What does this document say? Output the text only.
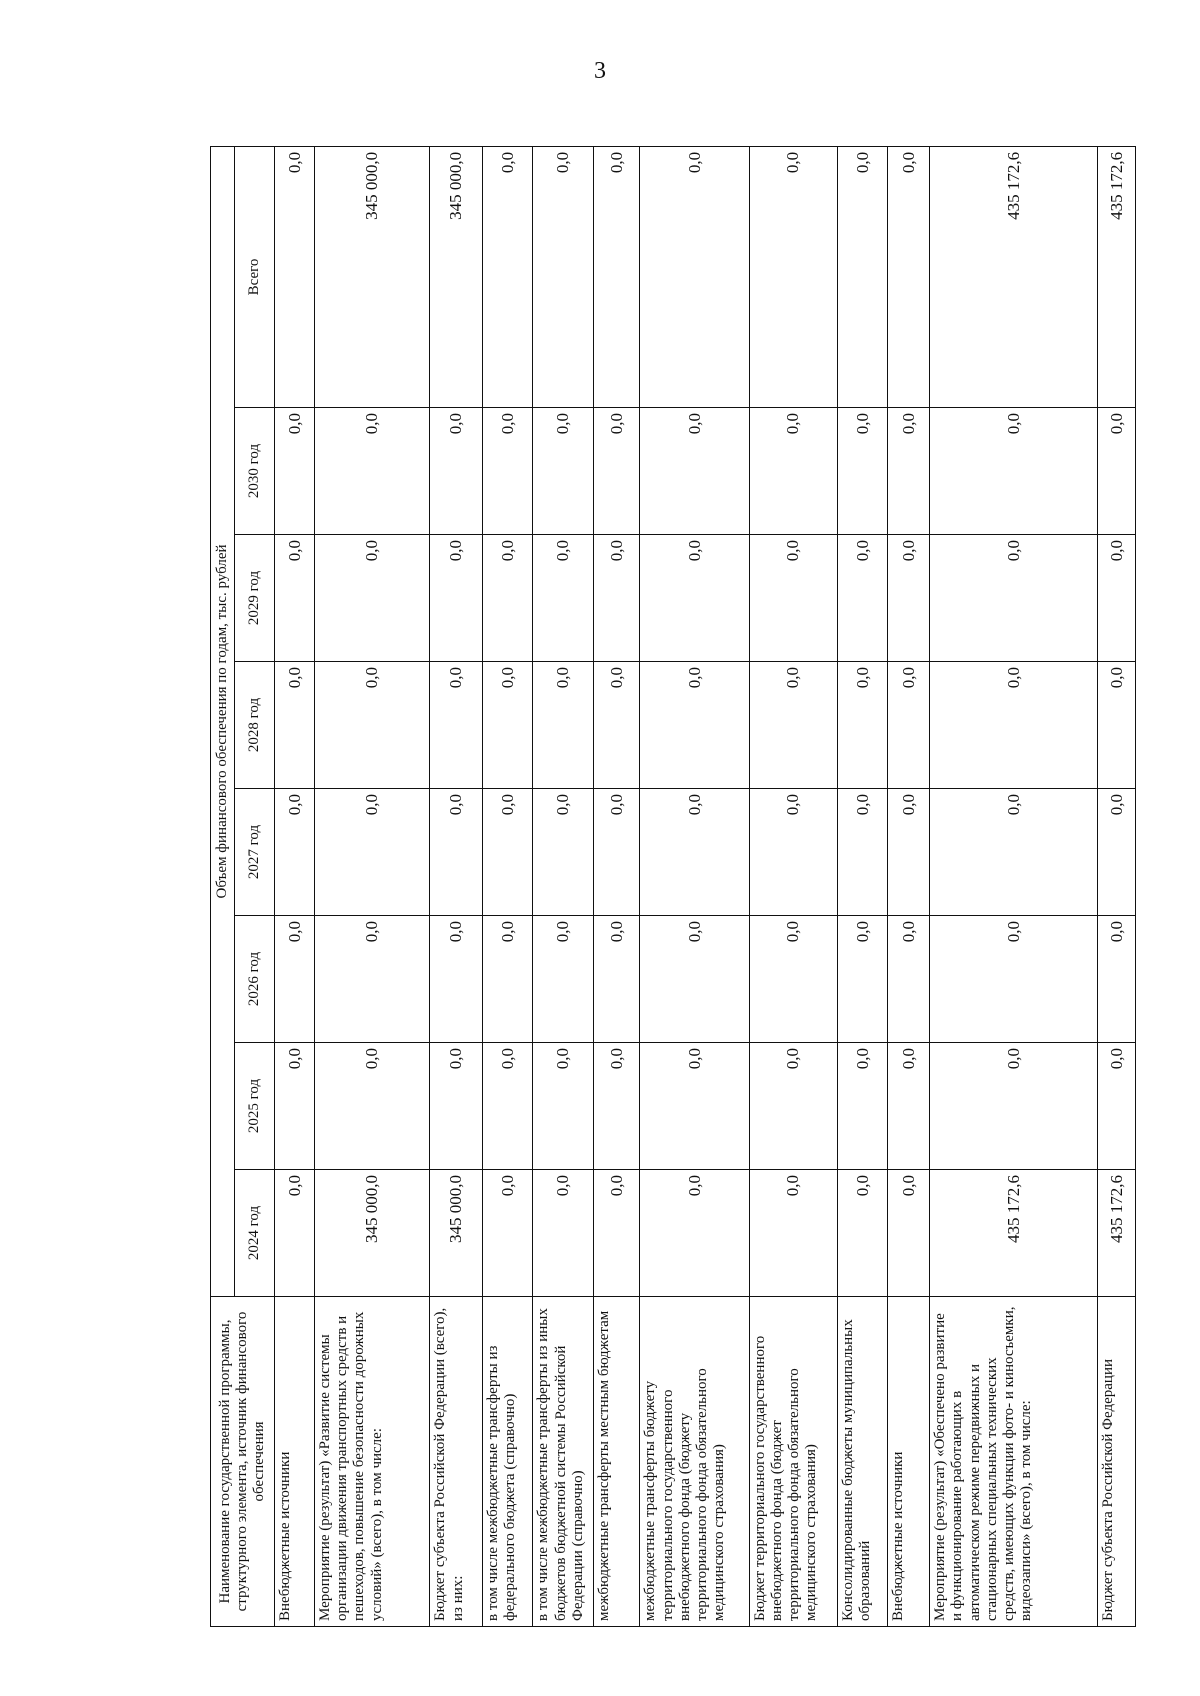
3
Наименование государственной программы, структурного элемента, источник финансового обеспечения	Объем финансового обеспечения по годам, тыс. рублей							
	2024 год	2025 год	2026 год	2027 год	2028 год	2029 год	2030 год	Всего
Внебюджетные источники	0,0	0,0	0,0	0,0	0,0	0,0	0,0	0,0
Мероприятие (результат) «Развитие системы организации движения транспортных средств и пешеходов, повышение безопасности дорожных условий» (всего), в том числе:	345 000,0	0,0	0,0	0,0	0,0	0,0	0,0	345 000,0
Бюджет субъекта Российской Федерации (всего), из них:	345 000,0	0,0	0,0	0,0	0,0	0,0	0,0	345 000,0
в том числе межбюджетные трансферты из федерального бюджета (справочно)	0,0	0,0	0,0	0,0	0,0	0,0	0,0	0,0
в том числе межбюджетные трансферты из иных бюджетов бюджетной системы Российской Федерации (справочно)	0,0	0,0	0,0	0,0	0,0	0,0	0,0	0,0
межбюджетные трансферты местным бюджетам	0,0	0,0	0,0	0,0	0,0	0,0	0,0	0,0
межбюджетные трансферты бюджету территориального государственного внебюджетного фонда (бюджету территориального фонда обязательного медицинского страхования)	0,0	0,0	0,0	0,0	0,0	0,0	0,0	0,0
Бюджет территориального государственного внебюджетного фонда (бюджет территориального фонда обязательного медицинского страхования)	0,0	0,0	0,0	0,0	0,0	0,0	0,0	0,0
Консолидированные бюджеты муниципальных образований	0,0	0,0	0,0	0,0	0,0	0,0	0,0	0,0
Внебюджетные источники	0,0	0,0	0,0	0,0	0,0	0,0	0,0	0,0
Мероприятие (результат) «Обеспечено развитие и функционирование работающих в автоматическом режиме передвижных и стационарных специальных технических средств, имеющих функции фото- и киносъемки, видеозаписи» (всего), в том числе:	435 172,6	0,0	0,0	0,0	0,0	0,0	0,0	435 172,6
Бюджет субъекта Российской Федерации	435 172,6	0,0	0,0	0,0	0,0	0,0	0,0	435 172,6
